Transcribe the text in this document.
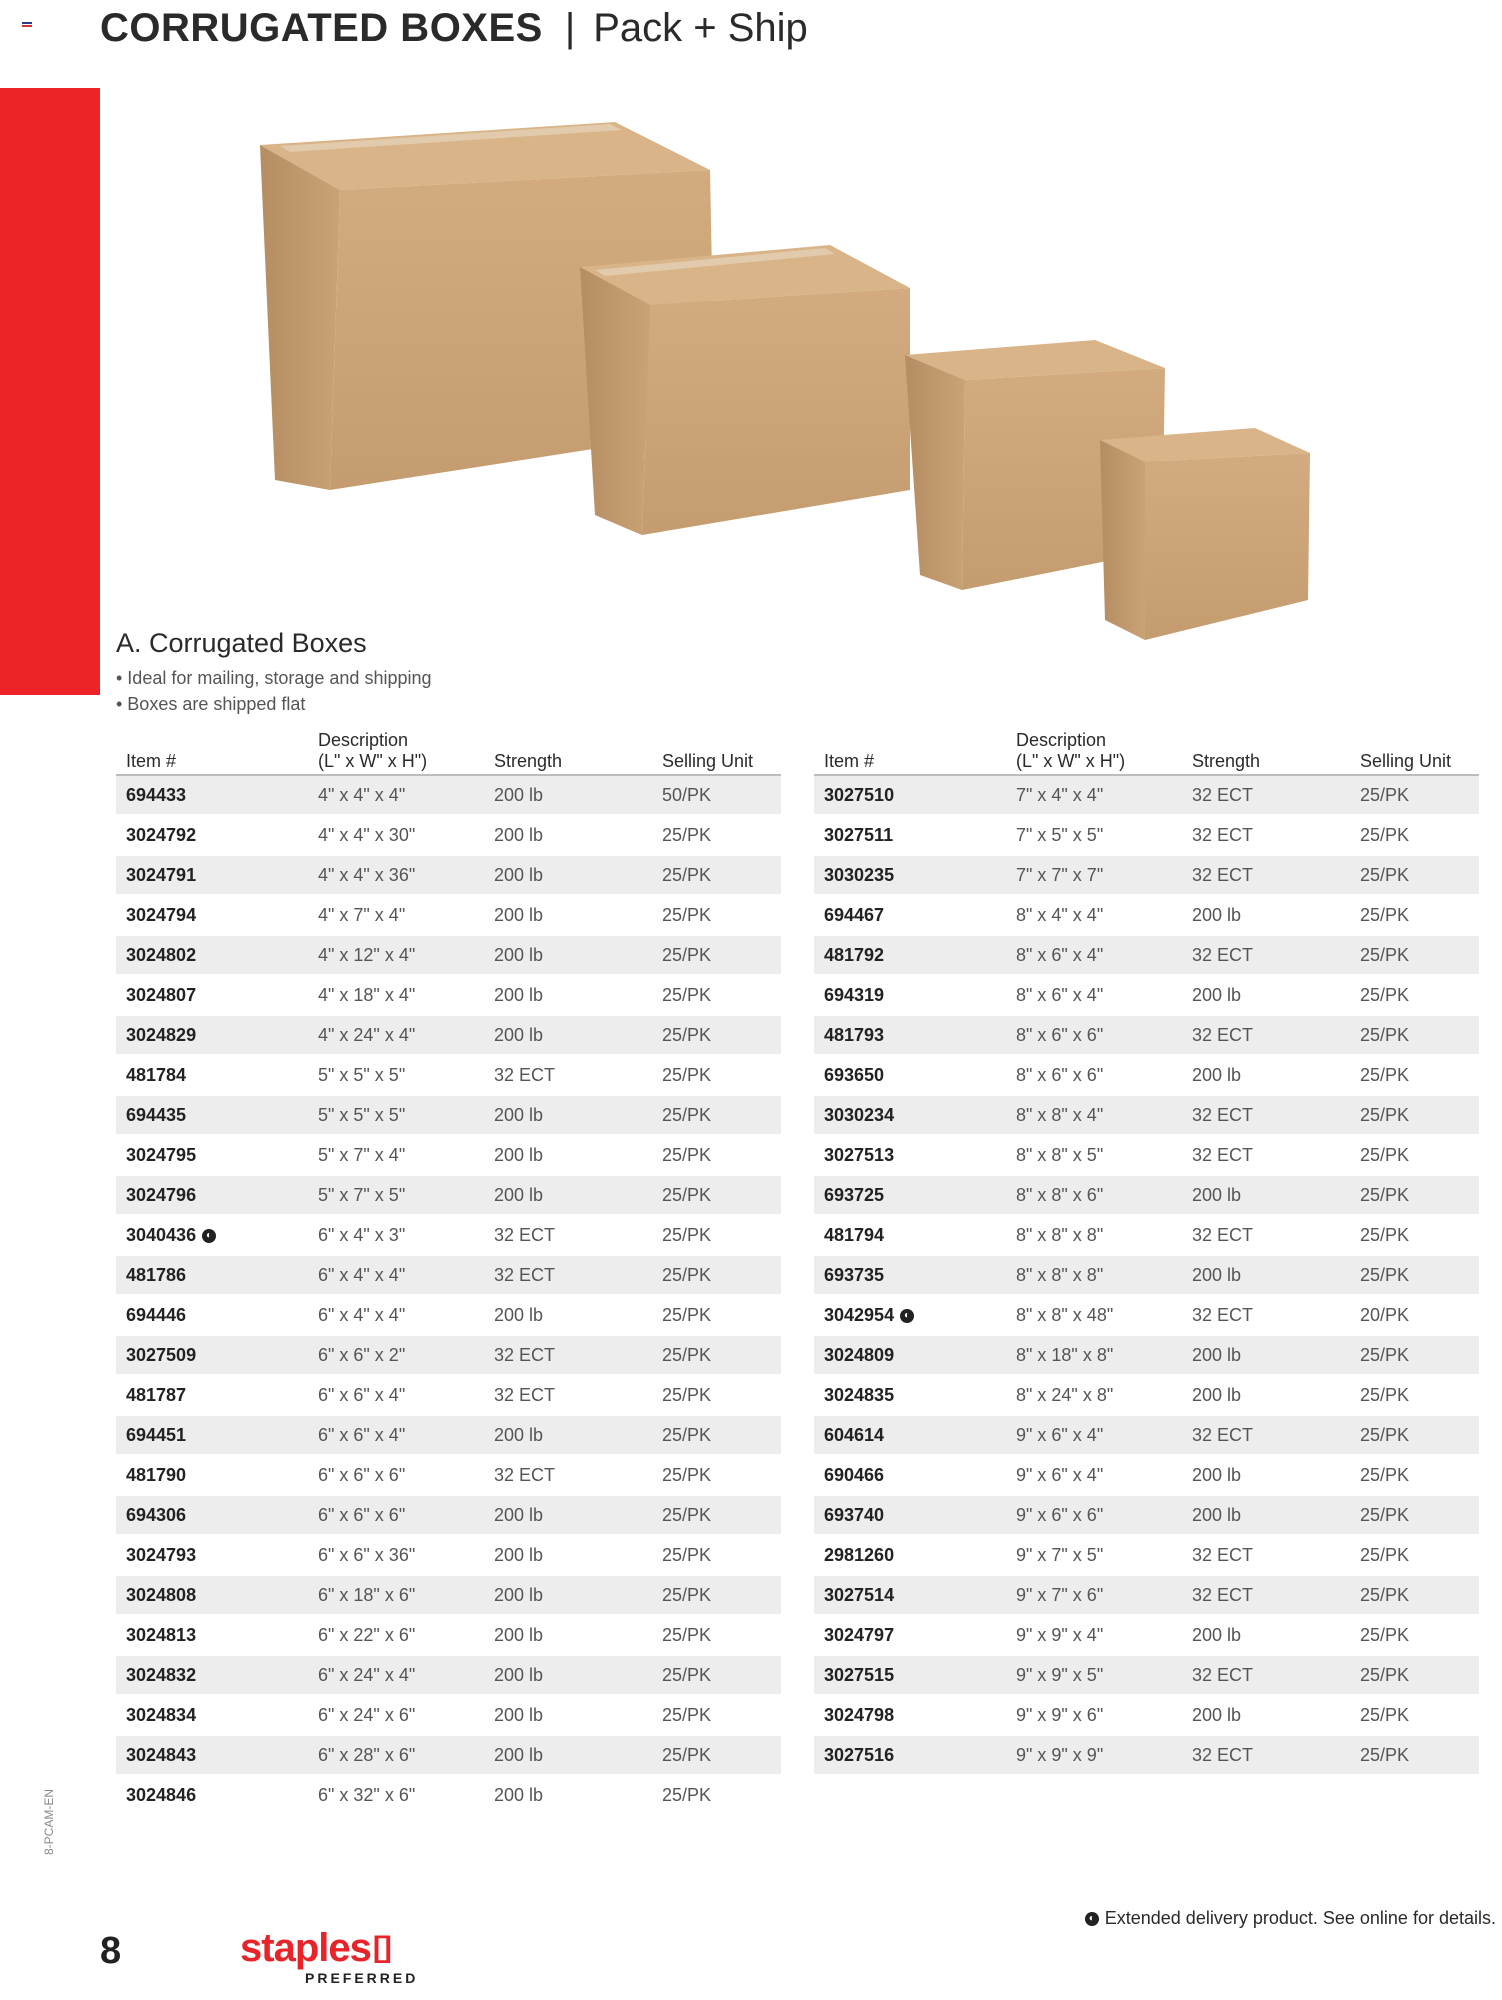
CORRUGATED BOXES | Pack + Ship
A. Corrugated Boxes
• Ideal for mailing, storage and shipping
• Boxes are shipped flat
Item #	Description
(L" x W" x H")	Strength	Selling Unit
694433	4" x 4" x 4"	200 lb	50/PK
3024792	4" x 4" x 30"	200 lb	25/PK
3024791	4" x 4" x 36"	200 lb	25/PK
3024794	4" x 7" x 4"	200 lb	25/PK
3024802	4" x 12" x 4"	200 lb	25/PK
3024807	4" x 18" x 4"	200 lb	25/PK
3024829	4" x 24" x 4"	200 lb	25/PK
481784	5" x 5" x 5"	32 ECT	25/PK
694435	5" x 5" x 5"	200 lb	25/PK
3024795	5" x 7" x 4"	200 lb	25/PK
3024796	5" x 7" x 5"	200 lb	25/PK
3040436 ◐	6" x 4" x 3"	32 ECT	25/PK
481786	6" x 4" x 4"	32 ECT	25/PK
694446	6" x 4" x 4"	200 lb	25/PK
3027509	6" x 6" x 2"	32 ECT	25/PK
481787	6" x 6" x 4"	32 ECT	25/PK
694451	6" x 6" x 4"	200 lb	25/PK
481790	6" x 6" x 6"	32 ECT	25/PK
694306	6" x 6" x 6"	200 lb	25/PK
3024793	6" x 6" x 36"	200 lb	25/PK
3024808	6" x 18" x 6"	200 lb	25/PK
3024813	6" x 22" x 6"	200 lb	25/PK
3024832	6" x 24" x 4"	200 lb	25/PK
3024834	6" x 24" x 6"	200 lb	25/PK
3024843	6" x 28" x 6"	200 lb	25/PK
3024846	6" x 32" x 6"	200 lb	25/PK
Item #	Description
(L" x W" x H")	Strength	Selling Unit
3027510	7" x 4" x 4"	32 ECT	25/PK
3027511	7" x 5" x 5"	32 ECT	25/PK
3030235	7" x 7" x 7"	32 ECT	25/PK
694467	8" x 4" x 4"	200 lb	25/PK
481792	8" x 6" x 4"	32 ECT	25/PK
694319	8" x 6" x 4"	200 lb	25/PK
481793	8" x 6" x 6"	32 ECT	25/PK
693650	8" x 6" x 6"	200 lb	25/PK
3030234	8" x 8" x 4"	32 ECT	25/PK
3027513	8" x 8" x 5"	32 ECT	25/PK
693725	8" x 8" x 6"	200 lb	25/PK
481794	8" x 8" x 8"	32 ECT	25/PK
693735	8" x 8" x 8"	200 lb	25/PK
3042954 ◐	8" x 8" x 48"	32 ECT	20/PK
3024809	8" x 18" x 8"	200 lb	25/PK
3024835	8" x 24" x 8"	200 lb	25/PK
604614	9" x 6" x 4"	32 ECT	25/PK
690466	9" x 6" x 4"	200 lb	25/PK
693740	9" x 6" x 6"	200 lb	25/PK
2981260	9" x 7" x 5"	32 ECT	25/PK
3027514	9" x 7" x 6"	32 ECT	25/PK
3024797	9" x 9" x 4"	200 lb	25/PK
3027515	9" x 9" x 5"	32 ECT	25/PK
3024798	9" x 9" x 6"	200 lb	25/PK
3027516	9" x 9" x 9"	32 ECT	25/PK
8-PCAM-EN
8	staples[]
PREFERRED
◐ Extended delivery product. See online for details.
